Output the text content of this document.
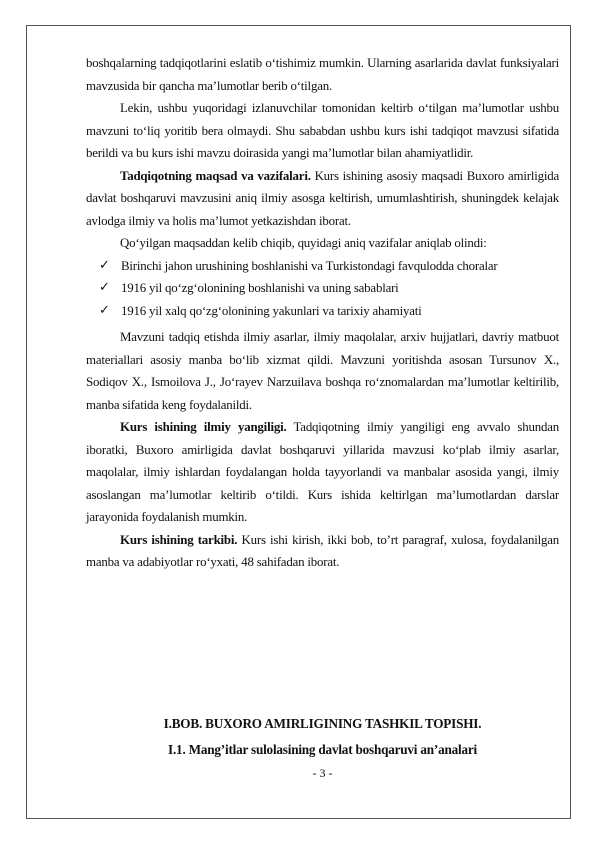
boshqalarning tadqiqotlarini eslatib o‘tishimiz mumkin. Ularning asarlarida davlat funksiyalari mavzusida bir qancha ma’lumotlar berib o‘tilgan.

Lekin, ushbu yuqoridagi izlanuvchilar tomonidan keltirb o‘tilgan ma’lumotlar ushbu mavzuni to‘liq yoritib bera olmaydi. Shu sababdan ushbu kurs ishi tadqiqot mavzusi sifatida berildi va bu kurs ishi mavzu doirasida yangi ma’lumotlar bilan ahamiyatlidir.

Tadqiqotning maqsad va vazifalari. Kurs ishining asosiy maqsadi Buxoro amirligida davlat boshqaruvi mavzusini aniq ilmiy asosga keltirish, umumlashtirish, shuningdek kelajak avlodga ilmiy va holis ma’lumot yetkazishdan iborat.

Qo‘yilgan maqsaddan kelib chiqib, quyidagi aniq vazifalar aniqlab olindi:

✓ Birinchi jahon urushining boshlanishi va Turkistondagi favqulodda choralar
✓ 1916 yil qo‘zg‘olonining boshlanishi va uning sabablari
✓ 1916 yil xalq qo‘zg‘olonining yakunlari va tarixiy ahamiyati

Mavzuni tadqiq etishda ilmiy asarlar, ilmiy maqolalar, arxiv hujjatlari, davriy matbuot materiallari asosiy manba bo‘lib xizmat qildi. Mavzuni yoritishda asosan Tursunov X., Sodiqov X., Ismoilova J., Jo‘rayev Narzuilava boshqa ro‘znomalardan ma’lumotlar keltirilib, manba sifatida keng foydalanildi.

Kurs ishining ilmiy yangiligi. Tadqiqotning ilmiy yangiligi eng avvalo shundan iboratki, Buxoro amirligida davlat boshqaruvi yillarida mavzusi ko‘plab ilmiy asarlar, maqolalar, ilmiy ishlardan foydalangan holda tayyorlandi va manbalar asosida yangi, ilmiy asoslangan ma’lumotlar keltirib o‘tildi. Kurs ishida keltirlgan ma’lumotlardan darslar jarayonida foydalanish mumkin.

Kurs ishining tarkibi. Kurs ishi kirish, ikki bob, to’rt paragraf, xulosa, foydalanilgan manba va adabiyotlar ro‘yxati, 48 sahifadan iborat.

I.BOB. BUXORO AMIRLIGINING TASHKIL TOPISHI.
I.1. Mang’itlar sulolasining davlat boshqaruvi an’analari
- 3 -
